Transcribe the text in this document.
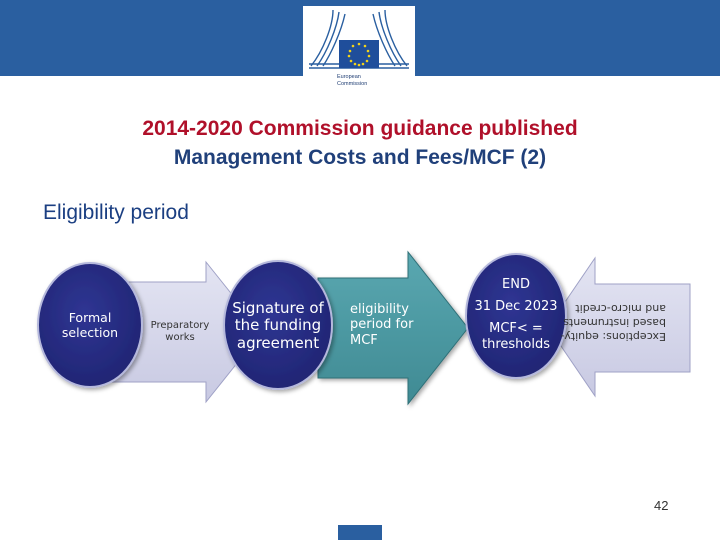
European
Commission
2014-2020 Commission guidance published
Management Costs and Fees/MCF (2)
Eligibility period
Formal selection	Preparatory works
Signature of the funding agreement
eligibility period for MCF
END
31 Dec 2023
MCF< = thresholds
Exceptions: equity-based instruments and micro-credit
42
